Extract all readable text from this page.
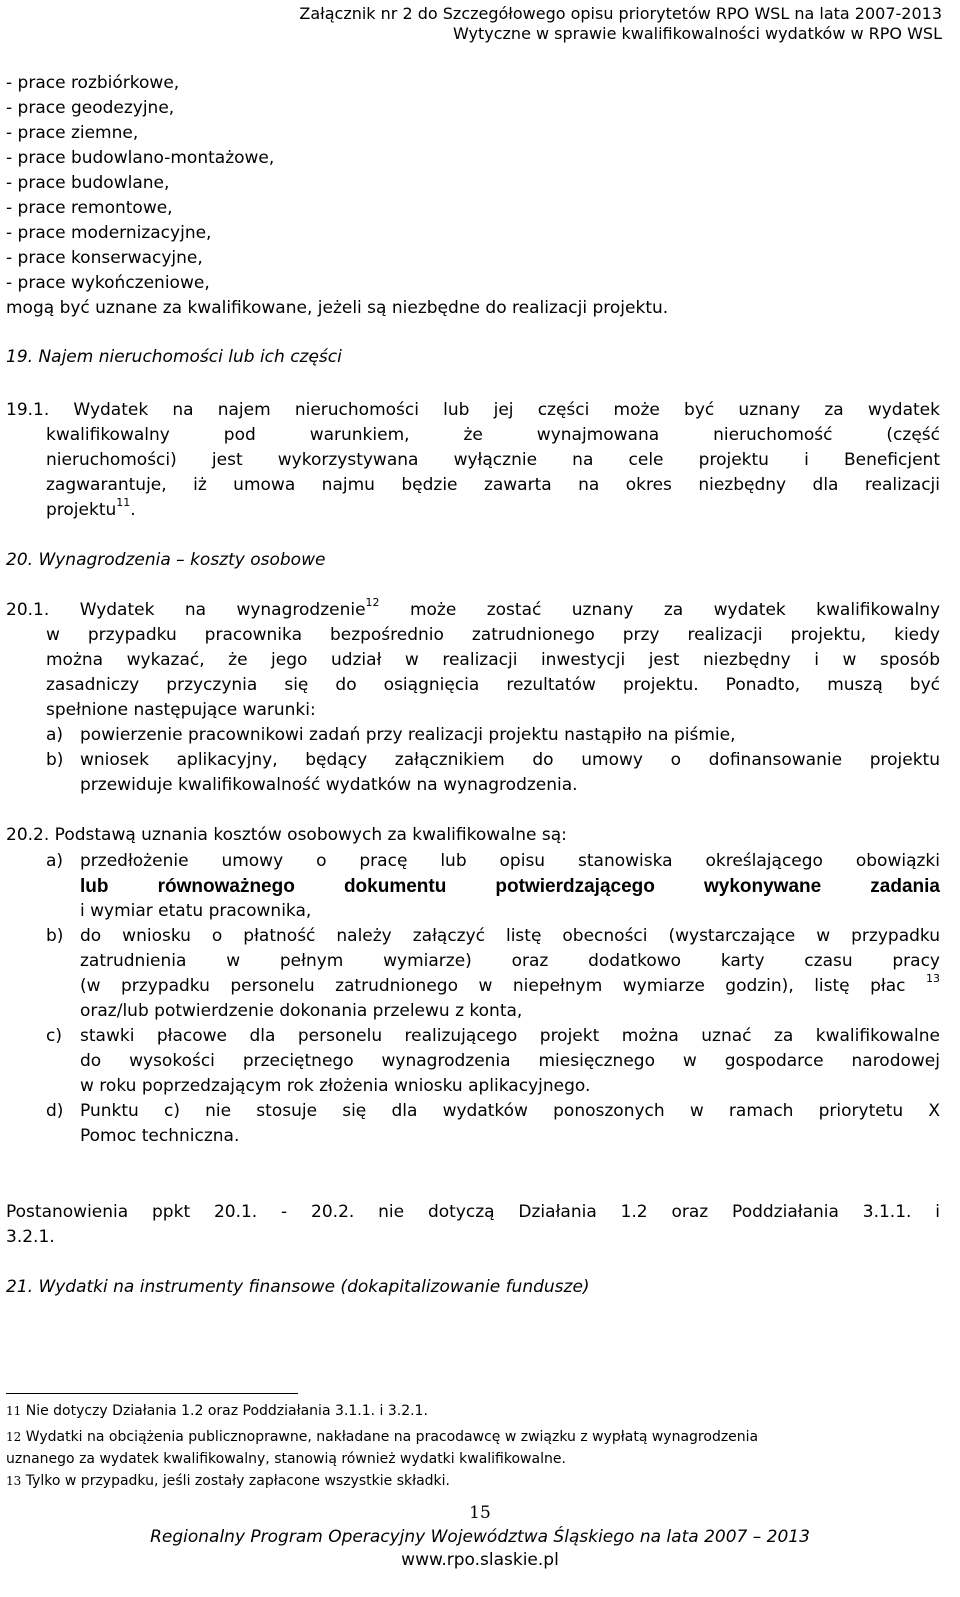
Załącznik nr 2 do Szczegółowego opisu priorytetów RPO WSL na lata 2007-2013
Wytyczne w sprawie kwalifikowalności wydatków w RPO WSL
- prace rozbiórkowe,
- prace geodezyjne,
- prace ziemne,
- prace budowlano-montażowe,
- prace budowlane,
- prace remontowe,
- prace modernizacyjne,
- prace konserwacyjne,
- prace wykończeniowe,
mogą być uznane za kwalifikowane, jeżeli są niezbędne do realizacji projektu.
19. Najem nieruchomości lub ich części
19.1. Wydatek na najem nieruchomości lub jej części może być uznany za wydatek
kwalifikowalny pod warunkiem, że wynajmowana nieruchomość (część
nieruchomości) jest wykorzystywana wyłącznie na cele projektu i Beneficjent
zagwarantuje, iż umowa najmu będzie zawarta na okres niezbędny dla realizacji
projektu$^{11}$.
20. Wynagrodzenia – koszty osobowe
20.1. Wydatek na wynagrodzenie$^{12}$ może zostać uznany za wydatek kwalifikowalny
w przypadku pracownika bezpośrednio zatrudnionego przy realizacji projektu, kiedy
można wykazać, że jego udział w realizacji inwestycji jest niezbędny i w sposób
zasadniczy przyczynia się do osiągnięcia rezultatów projektu. Ponadto, muszą być
spełnione następujące warunki:
a) powierzenie pracownikowi zadań przy realizacji projektu nastąpiło na piśmie,
b) wniosek aplikacyjny, będący załącznikiem do umowy o dofinansowanie projektu
przewiduje kwalifikowalność wydatków na wynagrodzenia.
20.2. Podstawą uznania kosztów osobowych za kwalifikowalne są:
a) przedłożenie umowy o pracę lub opisu stanowiska określającego obowiązki
lub równoważnego dokumentu potwierdzającego wykonywane zadania
i wymiar etatu pracownika,
b) do wniosku o płatność należy załączyć listę obecności (wystarczające w przypadku
zatrudnienia w pełnym wymiarze) oraz dodatkowo karty czasu pracy
(w przypadku personelu zatrudnionego w niepełnym wymiarze godzin), listę płac $^{13}$
oraz/lub potwierdzenie dokonania przelewu z konta,
c) stawki płacowe dla personelu realizującego projekt można uznać za kwalifikowalne
do wysokości przeciętnego wynagrodzenia miesięcznego w gospodarce narodowej
w roku poprzedzającym rok złożenia wniosku aplikacyjnego.
d) Punktu c) nie stosuje się dla wydatków ponoszonych w ramach priorytetu X
Pomoc techniczna.
Postanowienia ppkt 20.1. - 20.2. nie dotyczą Działania 1.2 oraz Poddziałania 3.1.1. i
3.2.1.
21. Wydatki na instrumenty finansowe (dokapitalizowanie fundusze)
11 Nie dotyczy Działania 1.2 oraz Poddziałania 3.1.1. i 3.2.1.
12 Wydatki na obciążenia publicznoprawne, nakładane na pracodawcę w związku z wypłatą wynagrodzenia
uznanego za wydatek kwalifikowalny, stanowią również wydatki kwalifikowalne.
13 Tylko w przypadku, jeśli zostały zapłacone wszystkie składki.
15
Regionalny Program Operacyjny Województwa Śląskiego na lata 2007 – 2013
www.rpo.slaskie.pl
